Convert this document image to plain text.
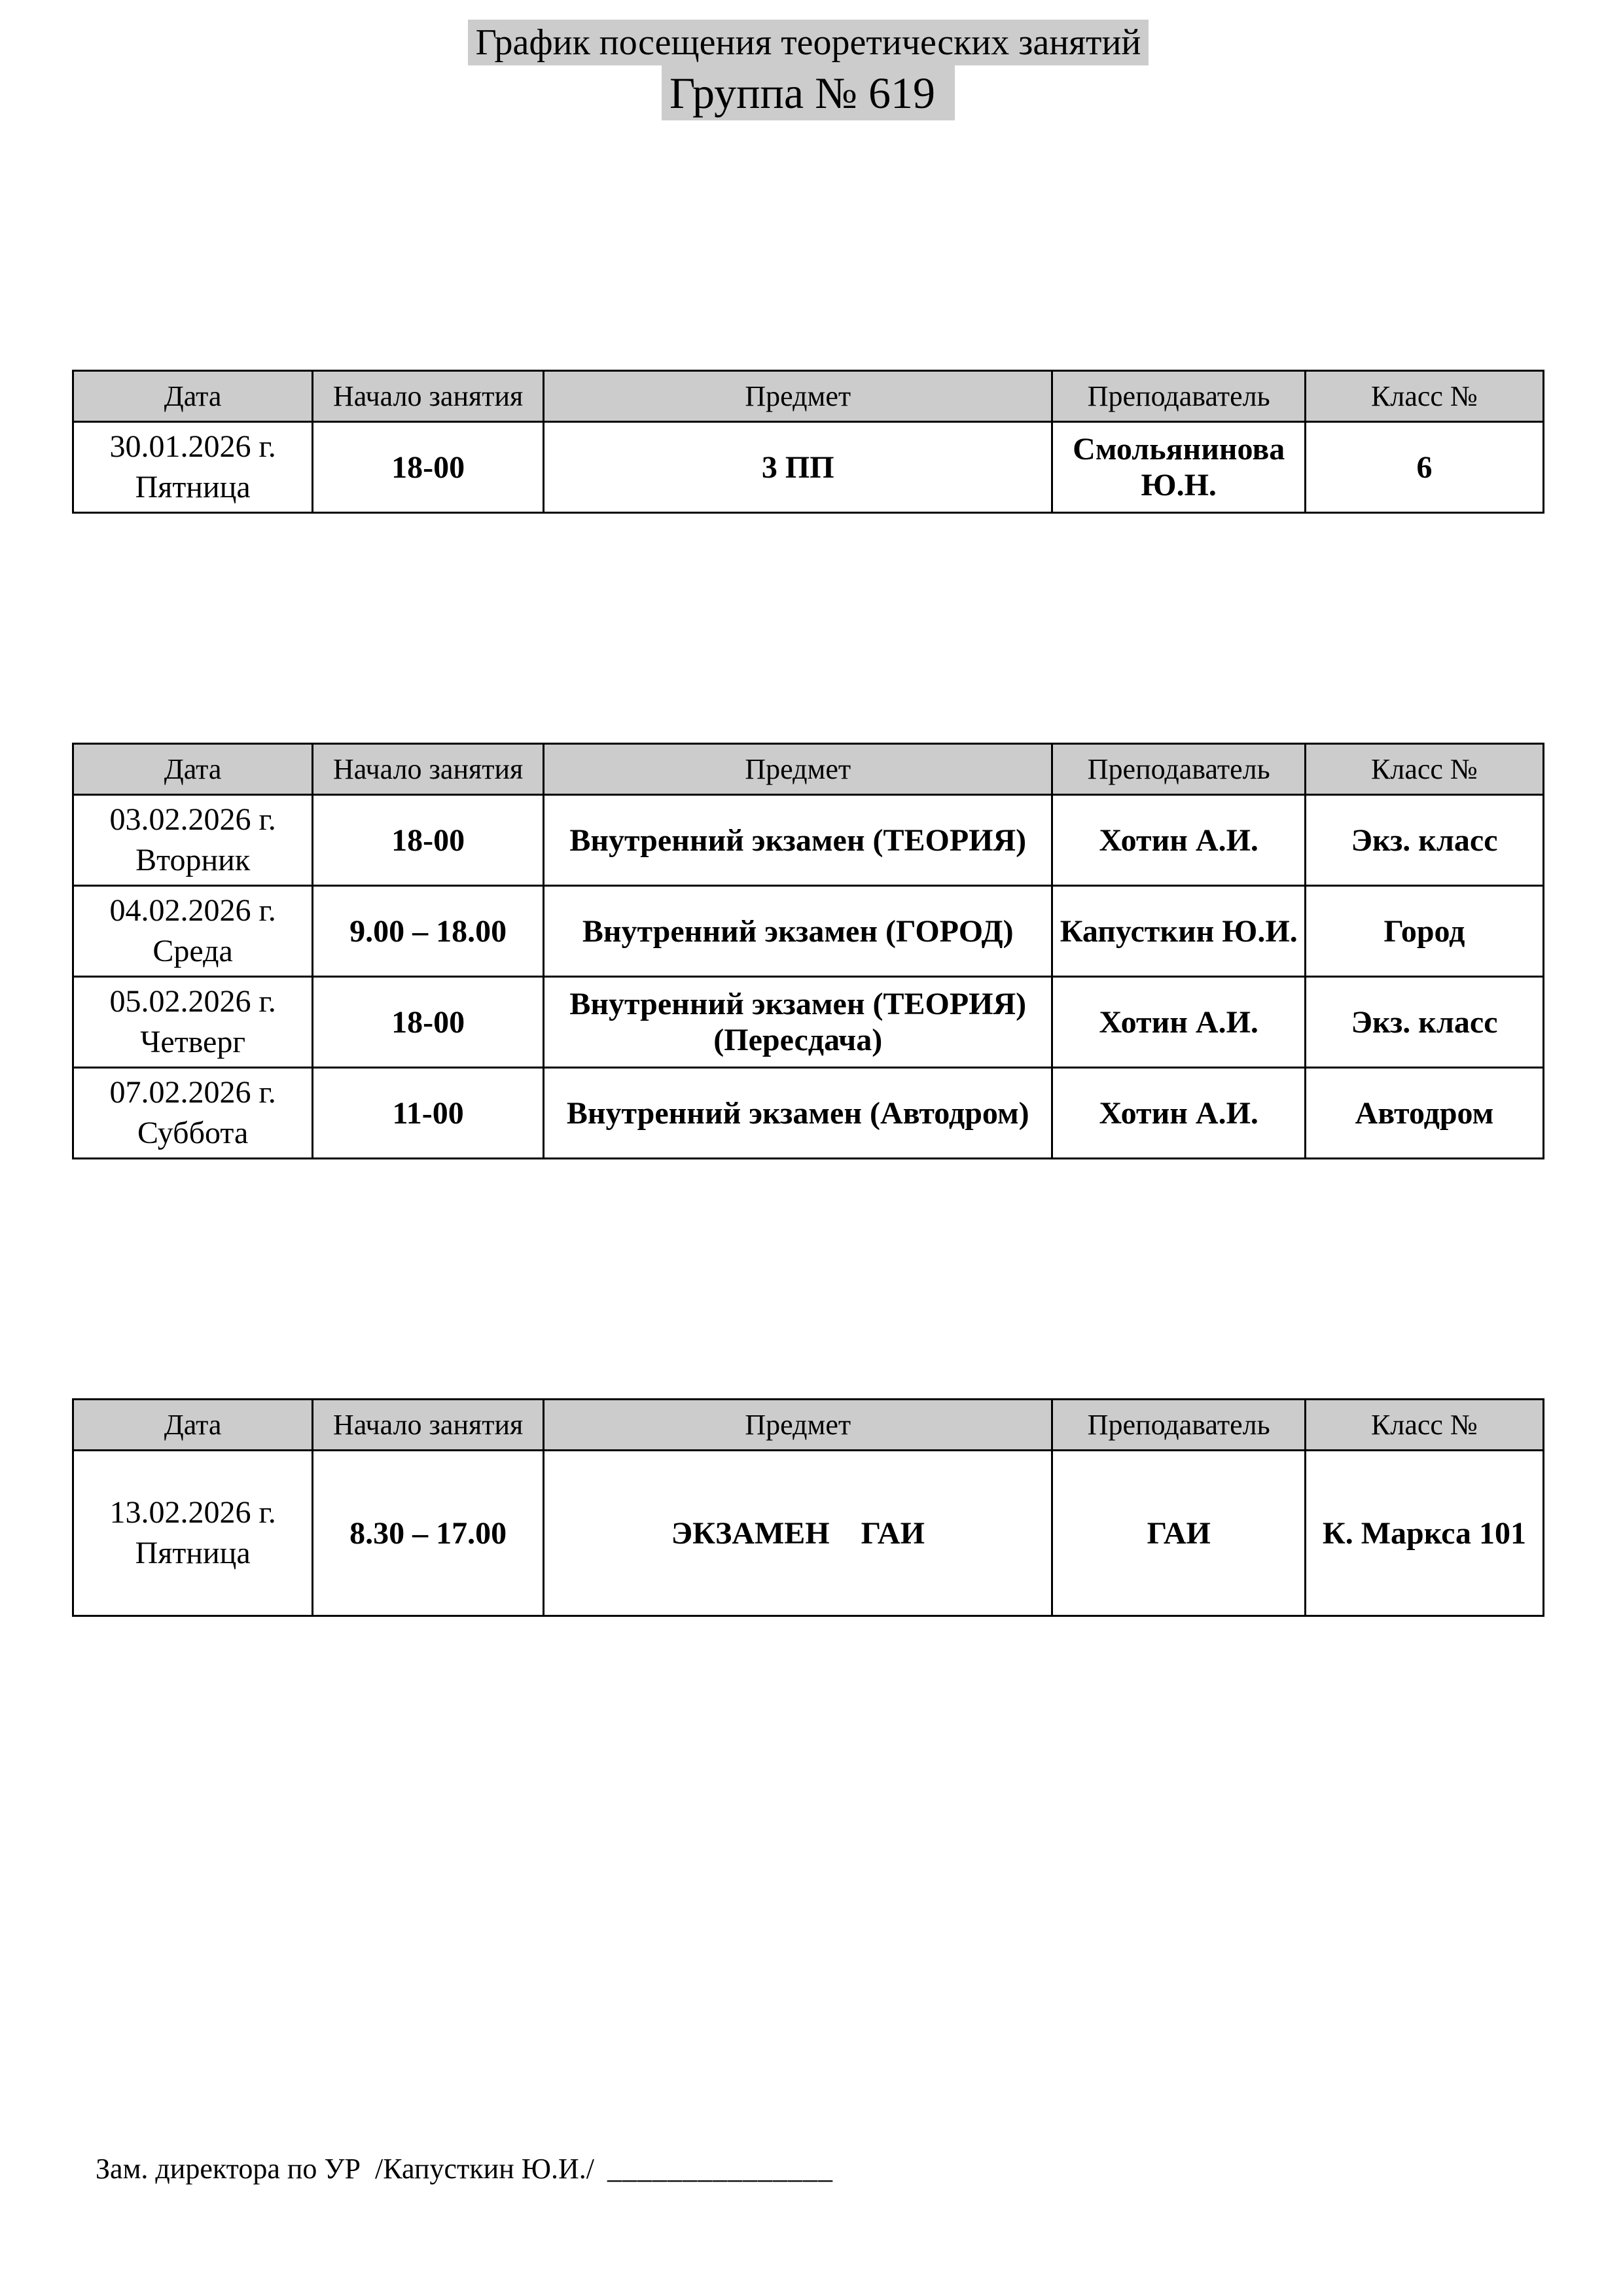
График посещения теоретических занятий
Группа № 619
Дата	Начало занятия	Предмет	Преподаватель	Класс №

30.01.2026 г.
Пятница	18-00	3 ПП	Смольянинова Ю.Н.	6
Дата	Начало занятия	Предмет	Преподаватель	Класс №

03.02.2026 г.
Вторник	18-00	Внутренний экзамен (ТЕОРИЯ)	Хотин А.И.	Экз. класс

04.02.2026 г.
Среда	9.00 – 18.00	Внутренний экзамен (ГОРОД)	Капусткин Ю.И.	Город

05.02.2026 г.
Четверг	18-00	Внутренний экзамен (ТЕОРИЯ) (Пересдача)	Хотин А.И.	Экз. класс

07.02.2026 г.
Суббота	11-00	Внутренний экзамен (Автодром)	Хотин А.И.	Автодром
Дата	Начало занятия	Предмет	Преподаватель	Класс №

13.02.2026 г.
Пятница	8.30 – 17.00	ЭКЗАМЕН    ГАИ	ГАИ	К. Маркса 101
Зам. директора по УР  /Капусткин Ю.И./ _______________
